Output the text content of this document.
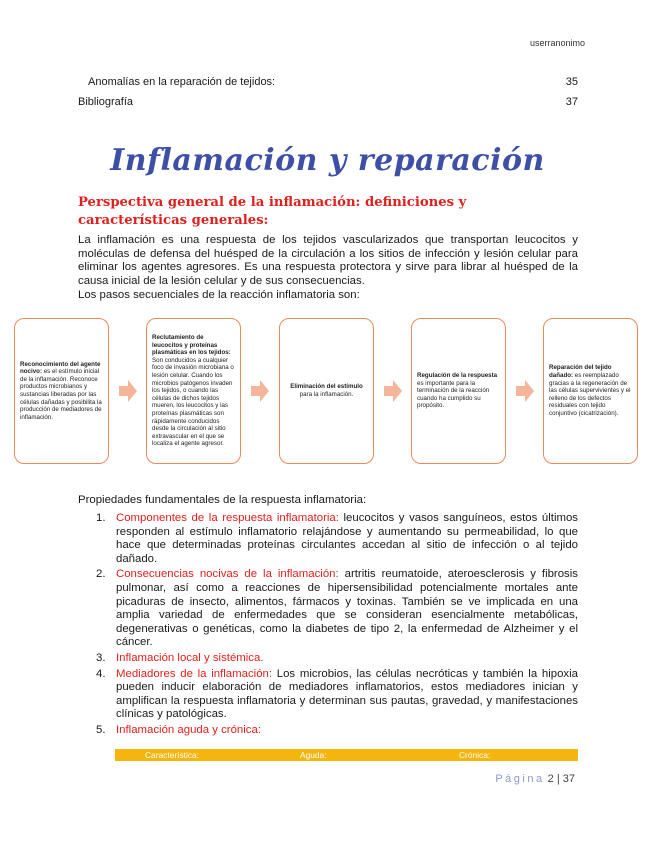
userranonimo
Anomalías en la reparación de tejidos:	35
Bibliografía	37
Inflamación y reparación
Perspectiva general de la inflamación: definiciones y características generales:
La inflamación es una respuesta de los tejidos vascularizados que transportan leucocitos y moléculas de defensa del huésped de la circulación a los sitios de infección y lesión celular para eliminar los agentes agresores. Es una respuesta protectora y sirve para librar al huésped de la causa inicial de la lesión celular y de sus consecuencias.
Los pasos secuenciales de la reacción inflamatoria son:
Reconocimiento del agente nocivo: es el estímulo inicial de la inflamación. Reconoce productos microbianos y sustancias liberadas por las células dañadas y posibilita la producción de mediadores de inflamación.
Reclutamiento de leucocitos y proteínas plasmáticas en los tejidos: Son conducidos a cualquier foco de invasión microbiana o lesión celular. Cuando los microbios patógenos invaden los tejidos, o cuando las células de dichos tejidos mueren, los leucocitos y las proteínas plasmáticas son rápidamente conducidos desde la circulación al sitio extravascular en el que se localiza el agente agresor.
Eliminación del estímulo para la inflamación.
Regulación de la respuesta es importante para la terminación de la reacción cuando ha cumplido su propósito.
Reparación del tejido dañado: es reemplazado gracias a la regeneración de las células supervivientes y el relleno de los defectos residuales con tejido conjuntivo (cicatrización).
Propiedades fundamentales de la respuesta inflamatoria:
1. Componentes de la respuesta inflamatoria: leucocitos y vasos sanguíneos, estos últimos responden al estímulo inflamatorio relajándose y aumentando su permeabilidad, lo que hace que determinadas proteínas circulantes accedan al sitio de infección o al tejido dañado.
2. Consecuencias nocivas de la inflamación: artritis reumatoide, ateroesclerosis y fibrosis pulmonar, así como a reacciones de hipersensibilidad potencialmente mortales ante picaduras de insecto, alimentos, fármacos y toxinas. También se ve implicada en una amplia variedad de enfermedades que se consideran esencialmente metabólicas, degenerativas o genéticas, como la diabetes de tipo 2, la enfermedad de Alzheimer y el cáncer.
3. Inflamación local y sistémica.
4. Mediadores de la inflamación: Los microbios, las células necróticas y también la hipoxia pueden inducir elaboración de mediadores inflamatorios, estos mediadores inician y amplifican la respuesta inflamatoria y determinan sus pautas, gravedad, y manifestaciones clínicas y patológicas.
5. Inflamación aguda y crónica:
Característica:	Aguda:	Crónica:
Página 2 | 37
